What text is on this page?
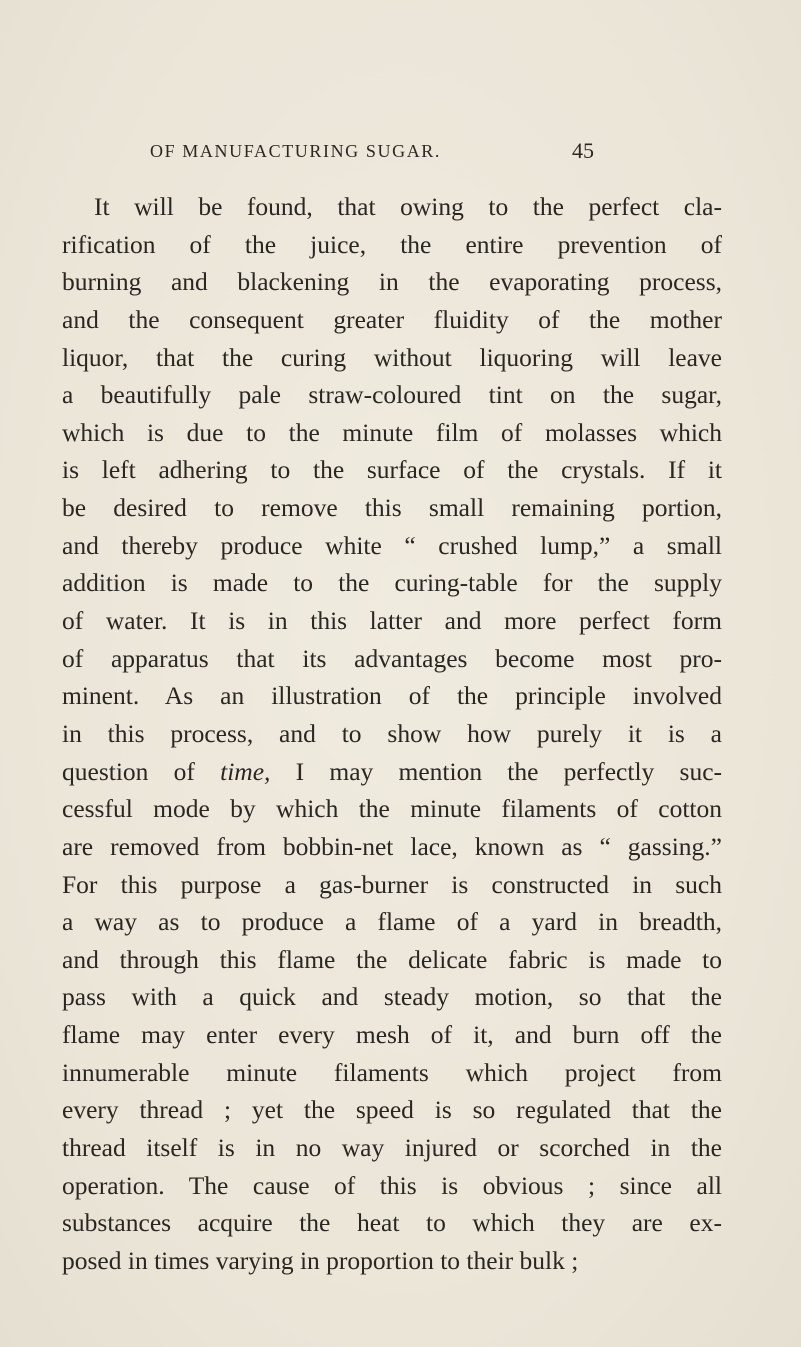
OF MANUFACTURING SUGAR.	45
It will be found, that owing to the perfect cla-
rification of the juice, the entire prevention of
burning and blackening in the evaporating process,
and the consequent greater fluidity of the mother
liquor, that the curing without liquoring will leave
a beautifully pale straw-coloured tint on the sugar,
which is due to the minute film of molasses which
is left adhering to the surface of the crystals. If it
be desired to remove this small remaining portion,
and thereby produce white “ crushed lump,” a small
addition is made to the curing-table for the supply
of water. It is in this latter and more perfect form
of apparatus that its advantages become most pro-
minent. As an illustration of the principle involved
in this process, and to show how purely it is a
question of time, I may mention the perfectly suc-
cessful mode by which the minute filaments of cotton
are removed from bobbin-net lace, known as “ gassing.”
For this purpose a gas-burner is constructed in such
a way as to produce a flame of a yard in breadth,
and through this flame the delicate fabric is made to
pass with a quick and steady motion, so that the
flame may enter every mesh of it, and burn off the
innumerable minute filaments which project from
every thread ; yet the speed is so regulated that the
thread itself is in no way injured or scorched in the
operation. The cause of this is obvious ; since all
substances acquire the heat to which they are ex-
posed in times varying in proportion to their bulk ;
